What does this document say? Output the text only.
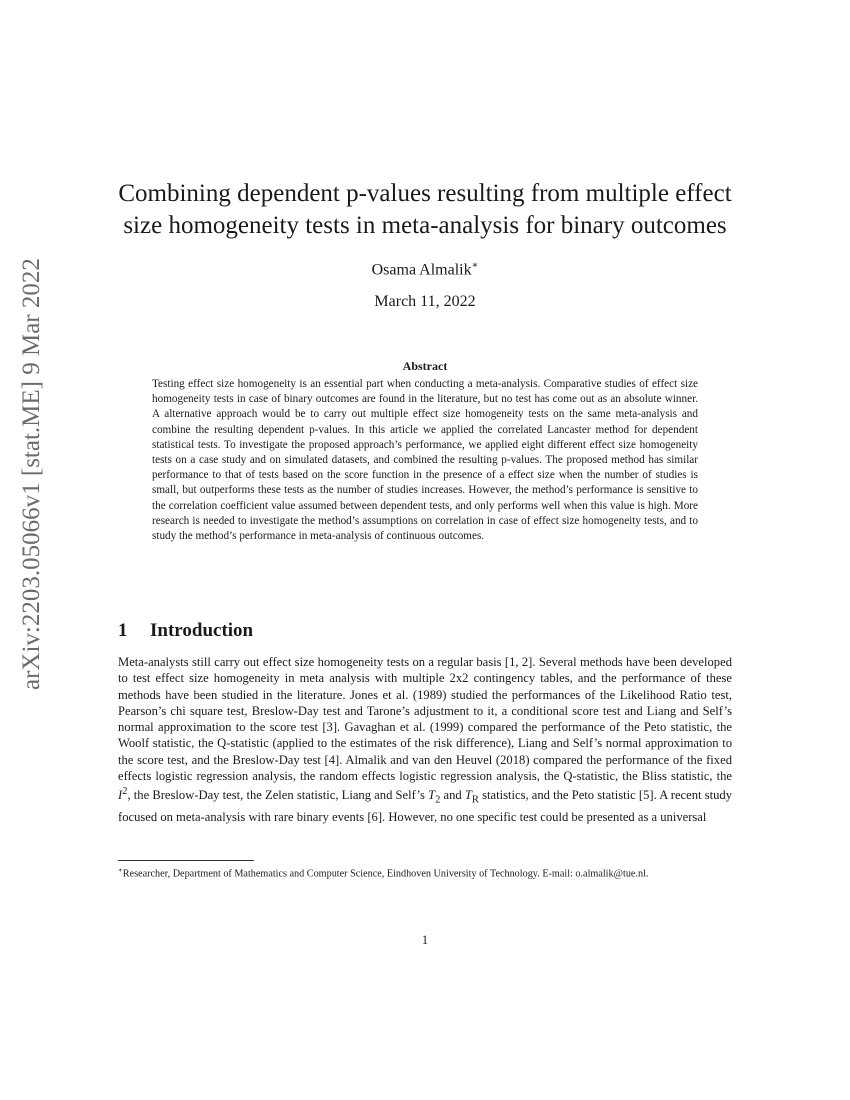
arXiv:2203.05066v1 [stat.ME] 9 Mar 2022
Combining dependent p-values resulting from multiple effect size homogeneity tests in meta-analysis for binary outcomes
Osama Almalik∗
March 11, 2022
Abstract

Testing effect size homogeneity is an essential part when conducting a meta-analysis. Comparative studies of effect size homogeneity tests in case of binary outcomes are found in the literature, but no test has come out as an absolute winner. A alternative approach would be to carry out multiple effect size homogeneity tests on the same meta-analysis and combine the resulting dependent p-values. In this article we applied the correlated Lancaster method for dependent statistical tests. To investigate the proposed approach’s performance, we applied eight different effect size homogeneity tests on a case study and on simulated datasets, and combined the resulting p-values. The proposed method has similar performance to that of tests based on the score function in the presence of a effect size when the number of studies is small, but outperforms these tests as the number of studies increases. However, the method’s performance is sensitive to the correlation coefficient value assumed between dependent tests, and only performs well when this value is high. More research is needed to investigate the method’s assumptions on correlation in case of effect size homogeneity tests, and to study the method’s performance in meta-analysis of continuous outcomes.

1 Introduction

Meta-analysts still carry out effect size homogeneity tests on a regular basis [1, 2]. Several methods have been developed to test effect size homogeneity in meta analysis with multiple 2x2 contingency tables, and the performance of these methods have been studied in the literature. Jones et al. (1989) studied the performances of the Likelihood Ratio test, Pearson’s chi square test, Breslow-Day test and Tarone’s adjustment to it, a conditional score test and Liang and Self’s normal approximation to the score test [3]. Gavaghan et al. (1999) compared the performance of the Peto statistic, the Woolf statistic, the Q-statistic (applied to the estimates of the risk difference), Liang and Self’s normal approximation to the score test, and the Breslow-Day test [4]. Almalik and van den Heuvel (2018) compared the performance of the fixed effects logistic regression analysis, the random effects logistic regression analysis, the Q-statistic, the Bliss statistic, the $I^2$, the Breslow-Day test, the Zelen statistic, Liang and Self’s $T_2$ and $T_R$ statistics, and the Peto statistic [5]. A recent study focused on meta-analysis with rare binary events [6]. However, no one specific test could be presented as a universal

∗Researcher, Department of Mathematics and Computer Science, Eindhoven University of Technology. E-mail: o.almalik@tue.nl.

1
